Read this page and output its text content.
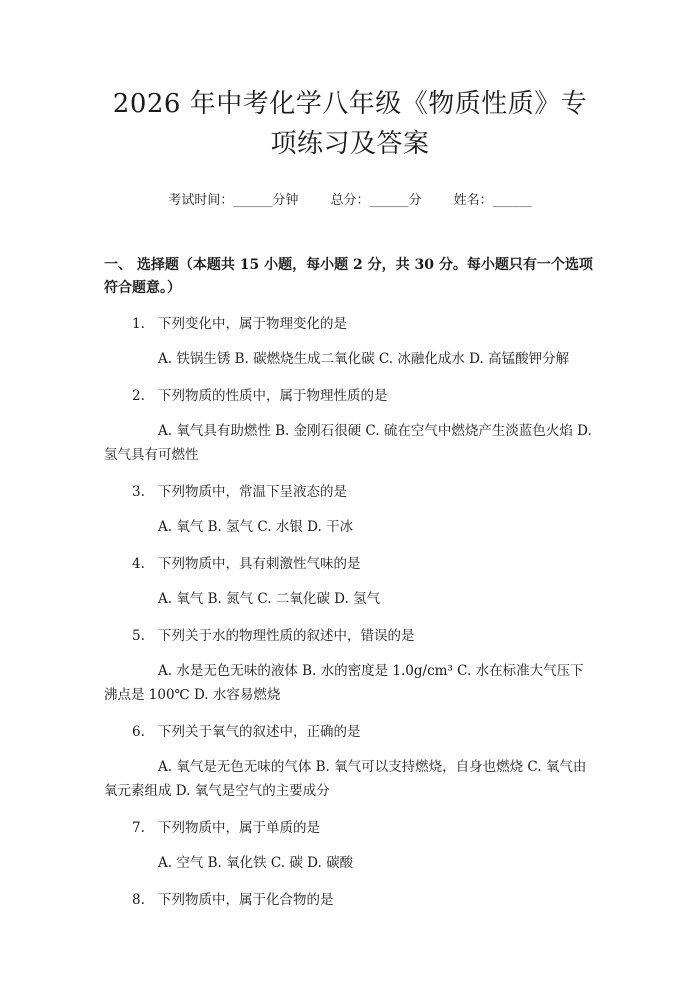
2026 年中考化学八年级《物质性质》专项练习及答案
考试时间：______分钟 总分：______分 姓名：______
一、 选择题（本题共 15 小题，每小题 2 分，共 30 分。每小题只有一个选项符合题意。）
1. 下列变化中，属于物理变化的是
A. 铁锅生锈 B. 碳燃烧生成二氧化碳 C. 冰融化成水 D. 高锰酸钾分解
2. 下列物质的性质中，属于物理性质的是
A. 氧气具有助燃性 B. 金刚石很硬 C. 硫在空气中燃烧产生淡蓝色火焰 D. 氢气具有可燃性
3. 下列物质中，常温下呈液态的是
A. 氧气 B. 氢气 C. 水银 D. 干冰
4. 下列物质中，具有刺激性气味的是
A. 氧气 B. 氮气 C. 二氧化碳 D. 氢气
5. 下列关于水的物理性质的叙述中，错误的是
A. 水是无色无味的液体 B. 水的密度是 1.0g/cm³ C. 水在标准大气压下沸点是 100℃ D. 水容易燃烧
6. 下列关于氧气的叙述中，正确的是
A. 氧气是无色无味的气体 B. 氧气可以支持燃烧，自身也燃烧 C. 氧气由氧元素组成 D. 氧气是空气的主要成分
7. 下列物质中，属于单质的是
A. 空气 B. 氧化铁 C. 碳 D. 碳酸
8. 下列物质中，属于化合物的是
